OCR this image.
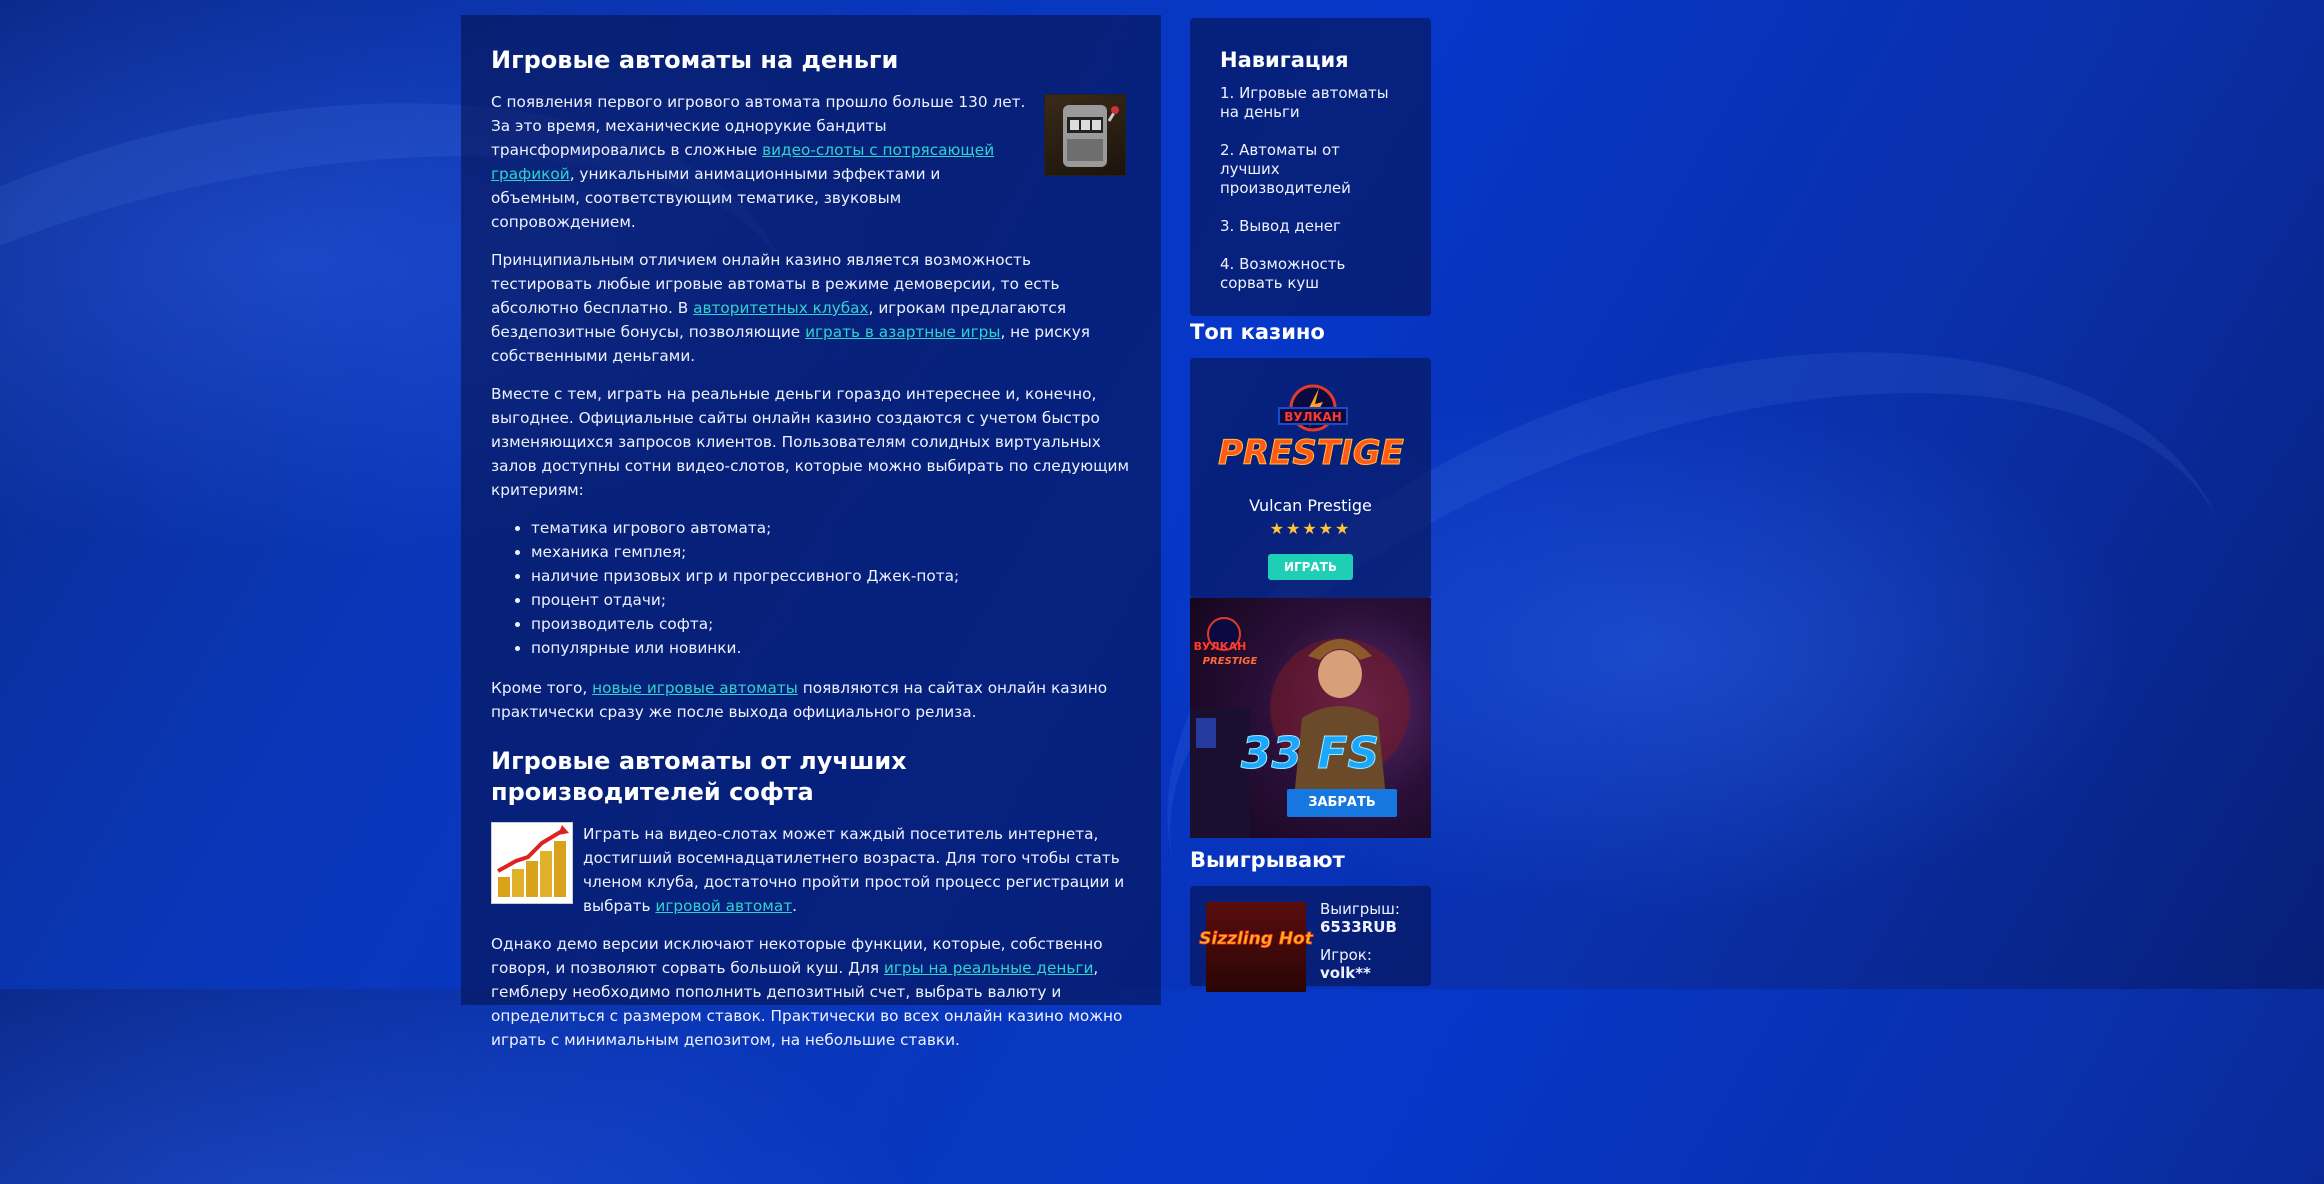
Игровые автоматы на деньги

С появления первого игрового автомата прошло больше 130 лет. За это время, механические однорукие бандиты трансформировались в сложные видео-слоты с потрясающей графикой, уникальными анимационными эффектами и объемным, соответствующим тематике, звуковым сопровождением.

Принципиальным отличием онлайн казино является возможность тестировать любые игровые автоматы в режиме демоверсии, то есть абсолютно бесплатно. В авторитетных клубах, игрокам предлагаются бездепозитные бонусы, позволяющие играть в азартные игры, не рискуя собственными деньгами.

Вместе с тем, играть на реальные деньги гораздо интереснее и, конечно, выгоднее. Официальные сайты онлайн казино создаются с учетом быстро изменяющихся запросов клиентов. Пользователям солидных виртуальных залов доступны сотни видео-слотов, которые можно выбирать по следующим критериям:

• тематика игрового автомата;
• механика гемплея;
• наличие призовых игр и прогрессивного Джек-пота;
• процент отдачи;
• производитель софта;
• популярные или новинки.

Кроме того, новые игровые автоматы появляются на сайтах онлайн казино практически сразу же после выхода официального релиза.

Игровые автоматы от лучших производителей софта

Играть на видео-слотах может каждый посетитель интернета, достигший восемнадцатилетнего возраста. Для того чтобы стать членом клуба, достаточно пройти простой процесс регистрации и выбрать игровой автомат.

Однако демо версии исключают некоторые функции, которые, собственно говоря, и позволяют сорвать большой куш. Для игры на реальные деньги, гемблеру необходимо пополнить депозитный счет, выбрать валюту и определиться с размером ставок. Практически во всех онлайн казино можно играть с минимальным депозитом, на небольшие ставки.

Навигация
1. Игровые автоматы на деньги
2. Автоматы от лучших производителей
3. Вывод денег
4. Возможность сорвать куш
Топ казино
ВУЛКАН
PRESTIGE
Vulcan Prestige
★★★★★
ИГРАТЬ
ВУЛКАН
PRESTIGE
33 FS
ЗАБРАТЬ
Выигрывают
Sizzling Hot
Выигрыш:
6533RUB
Игрок:
volk**
